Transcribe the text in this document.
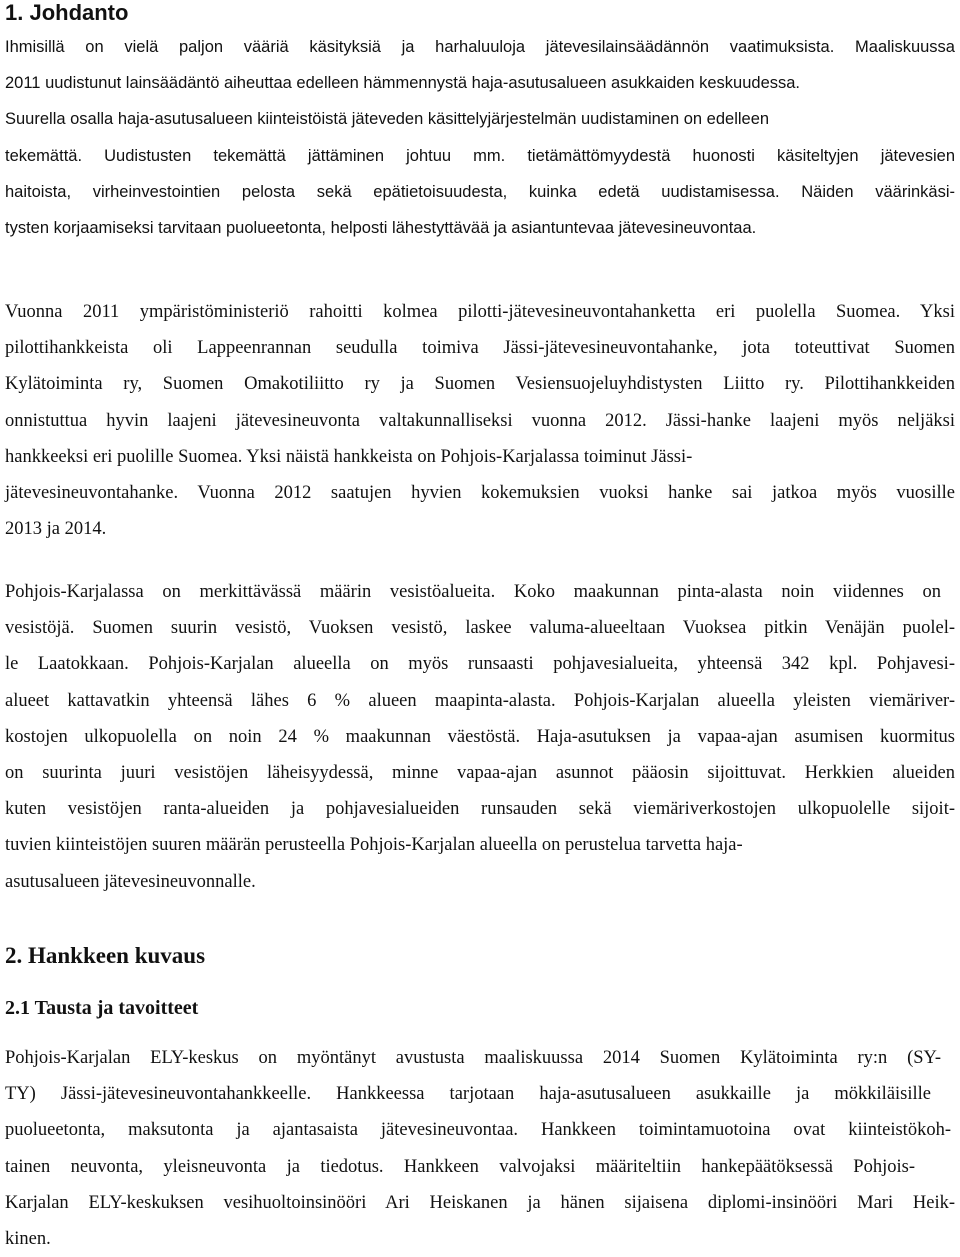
1. Johdanto
Ihmisillä on vielä paljon vääriä käsityksiä ja harhaluuloja jätevesilainsäädännön vaatimuksista. Maaliskuussa
2011 uudistunut lainsäädäntö aiheuttaa edelleen hämmennystä haja-asutusalueen asukkaiden keskuudessa.
Suurella osalla haja-asutusalueen kiinteistöistä jäteveden käsittelyjärjestelmän uudistaminen on edelleen
tekemättä. Uudistusten tekemättä jättäminen johtuu mm. tietämättömyydestä huonosti käsiteltyjen jätevesien
haitoista, virheinvestointien pelosta sekä epätietoisuudesta, kuinka edetä uudistamisessa. Näiden väärinkäsi-
tysten korjaamiseksi tarvitaan puolueetonta, helposti lähestyttävää ja asiantuntevaa jätevesineuvontaa.
Vuonna 2011 ympäristöministeriö rahoitti kolmea pilotti-jätevesineuvontahanketta eri puolella Suomea. Yksi
pilottihankkeista oli Lappeenrannan seudulla toimiva Jässi-jätevesineuvontahanke, jota toteuttivat Suomen
Kylätoiminta ry, Suomen Omakotiliitto ry ja Suomen Vesiensuojeluyhdistysten Liitto ry. Pilottihankkeiden
onnistuttua hyvin laajeni jätevesineuvonta valtakunnalliseksi vuonna 2012. Jässi-hanke laajeni myös neljäksi
hankkeeksi eri puolille Suomea. Yksi näistä hankkeista on Pohjois-Karjalassa toiminut Jässi-
jätevesineuvontahanke. Vuonna 2012 saatujen hyvien kokemuksien vuoksi hanke sai jatkoa myös vuosille
2013 ja 2014.
Pohjois-Karjalassa on merkittävässä määrin vesistöalueita. Koko maakunnan pinta-alasta noin viidennes on
vesistöjä. Suomen suurin vesistö, Vuoksen vesistö, laskee valuma-alueeltaan Vuoksea pitkin Venäjän puolel-
le Laatokkaan. Pohjois-Karjalan alueella on myös runsaasti pohjavesialueita, yhteensä 342 kpl. Pohjavesi-
alueet kattavatkin yhteensä lähes 6 % alueen maapinta-alasta. Pohjois-Karjalan alueella yleisten viemäriver-
kostojen ulkopuolella on noin 24 % maakunnan väestöstä. Haja-asutuksen ja vapaa-ajan asumisen kuormitus
on suurinta juuri vesistöjen läheisyydessä, minne vapaa-ajan asunnot pääosin sijoittuvat. Herkkien alueiden
kuten vesistöjen ranta-alueiden ja pohjavesialueiden runsauden sekä viemäriverkostojen ulkopuolelle sijoit-
tuvien kiinteistöjen suuren määrän perusteella Pohjois-Karjalan alueella on perustelua tarvetta haja-
asutusalueen jätevesineuvonnalle.
2. Hankkeen kuvaus
2.1 Tausta ja tavoitteet
Pohjois-Karjalan ELY-keskus on myöntänyt avustusta maaliskuussa 2014 Suomen Kylätoiminta ry:n (SY-
TY) Jässi-jätevesineuvontahankkeelle. Hankkeessa tarjotaan haja-asutusalueen asukkaille ja mökkiläisille
puolueetonta, maksutonta ja ajantasaista jätevesineuvontaa. Hankkeen toimintamuotoina ovat kiinteistökoh-
tainen neuvonta, yleisneuvonta ja tiedotus. Hankkeen valvojaksi määriteltiin hankepäätöksessä Pohjois-
Karjalan ELY-keskuksen vesihuoltoinsinööri Ari Heiskanen ja hänen sijaisena diplomi-insinööri Mari Heik-
kinen.
